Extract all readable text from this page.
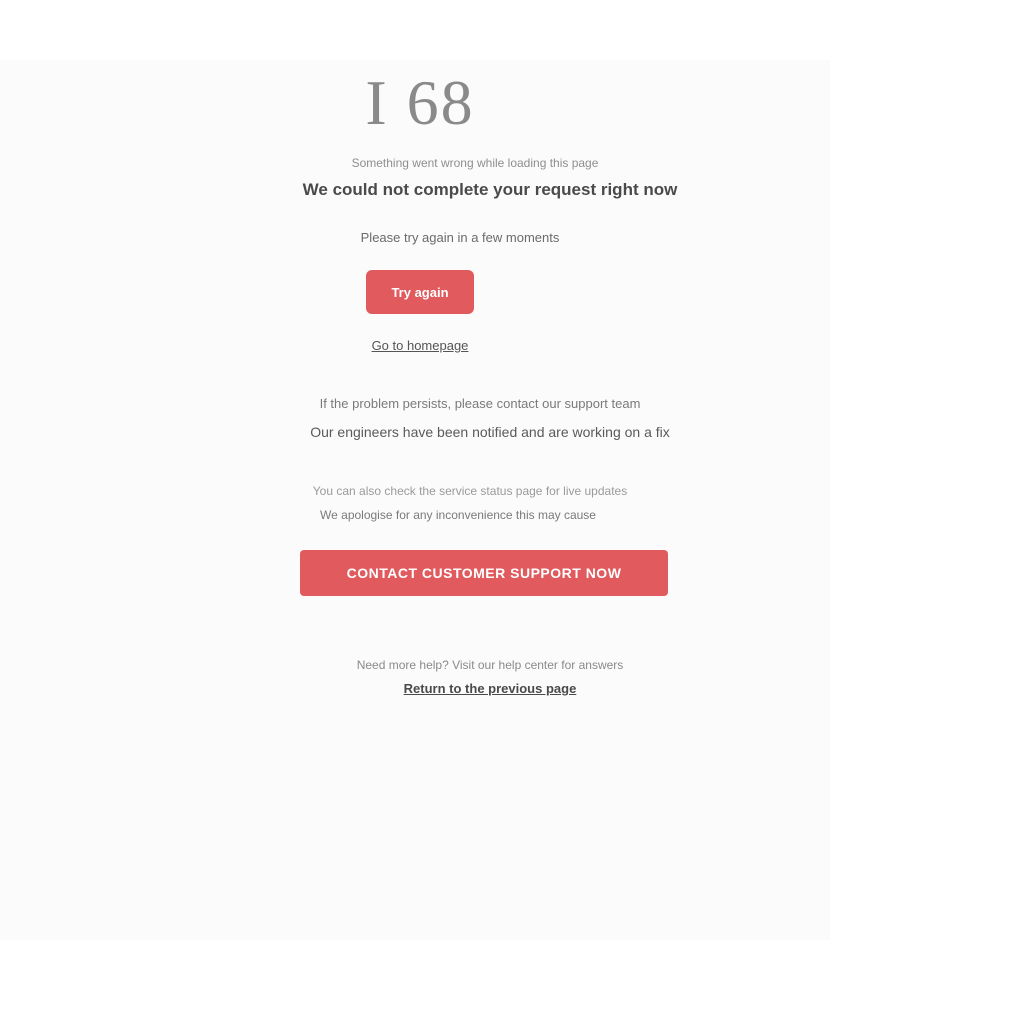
I 68
Something went wrong while loading this page
We could not complete your request right now
Please try again in a few moments
Try again
Go to homepage
If the problem persists, please contact our support team
Our engineers have been notified and are working on a fix
You can also check the service status page for live updates
We apologise for any inconvenience this may cause
CONTACT CUSTOMER SUPPORT NOW
Need more help? Visit our help center for answers
Return to the previous page
